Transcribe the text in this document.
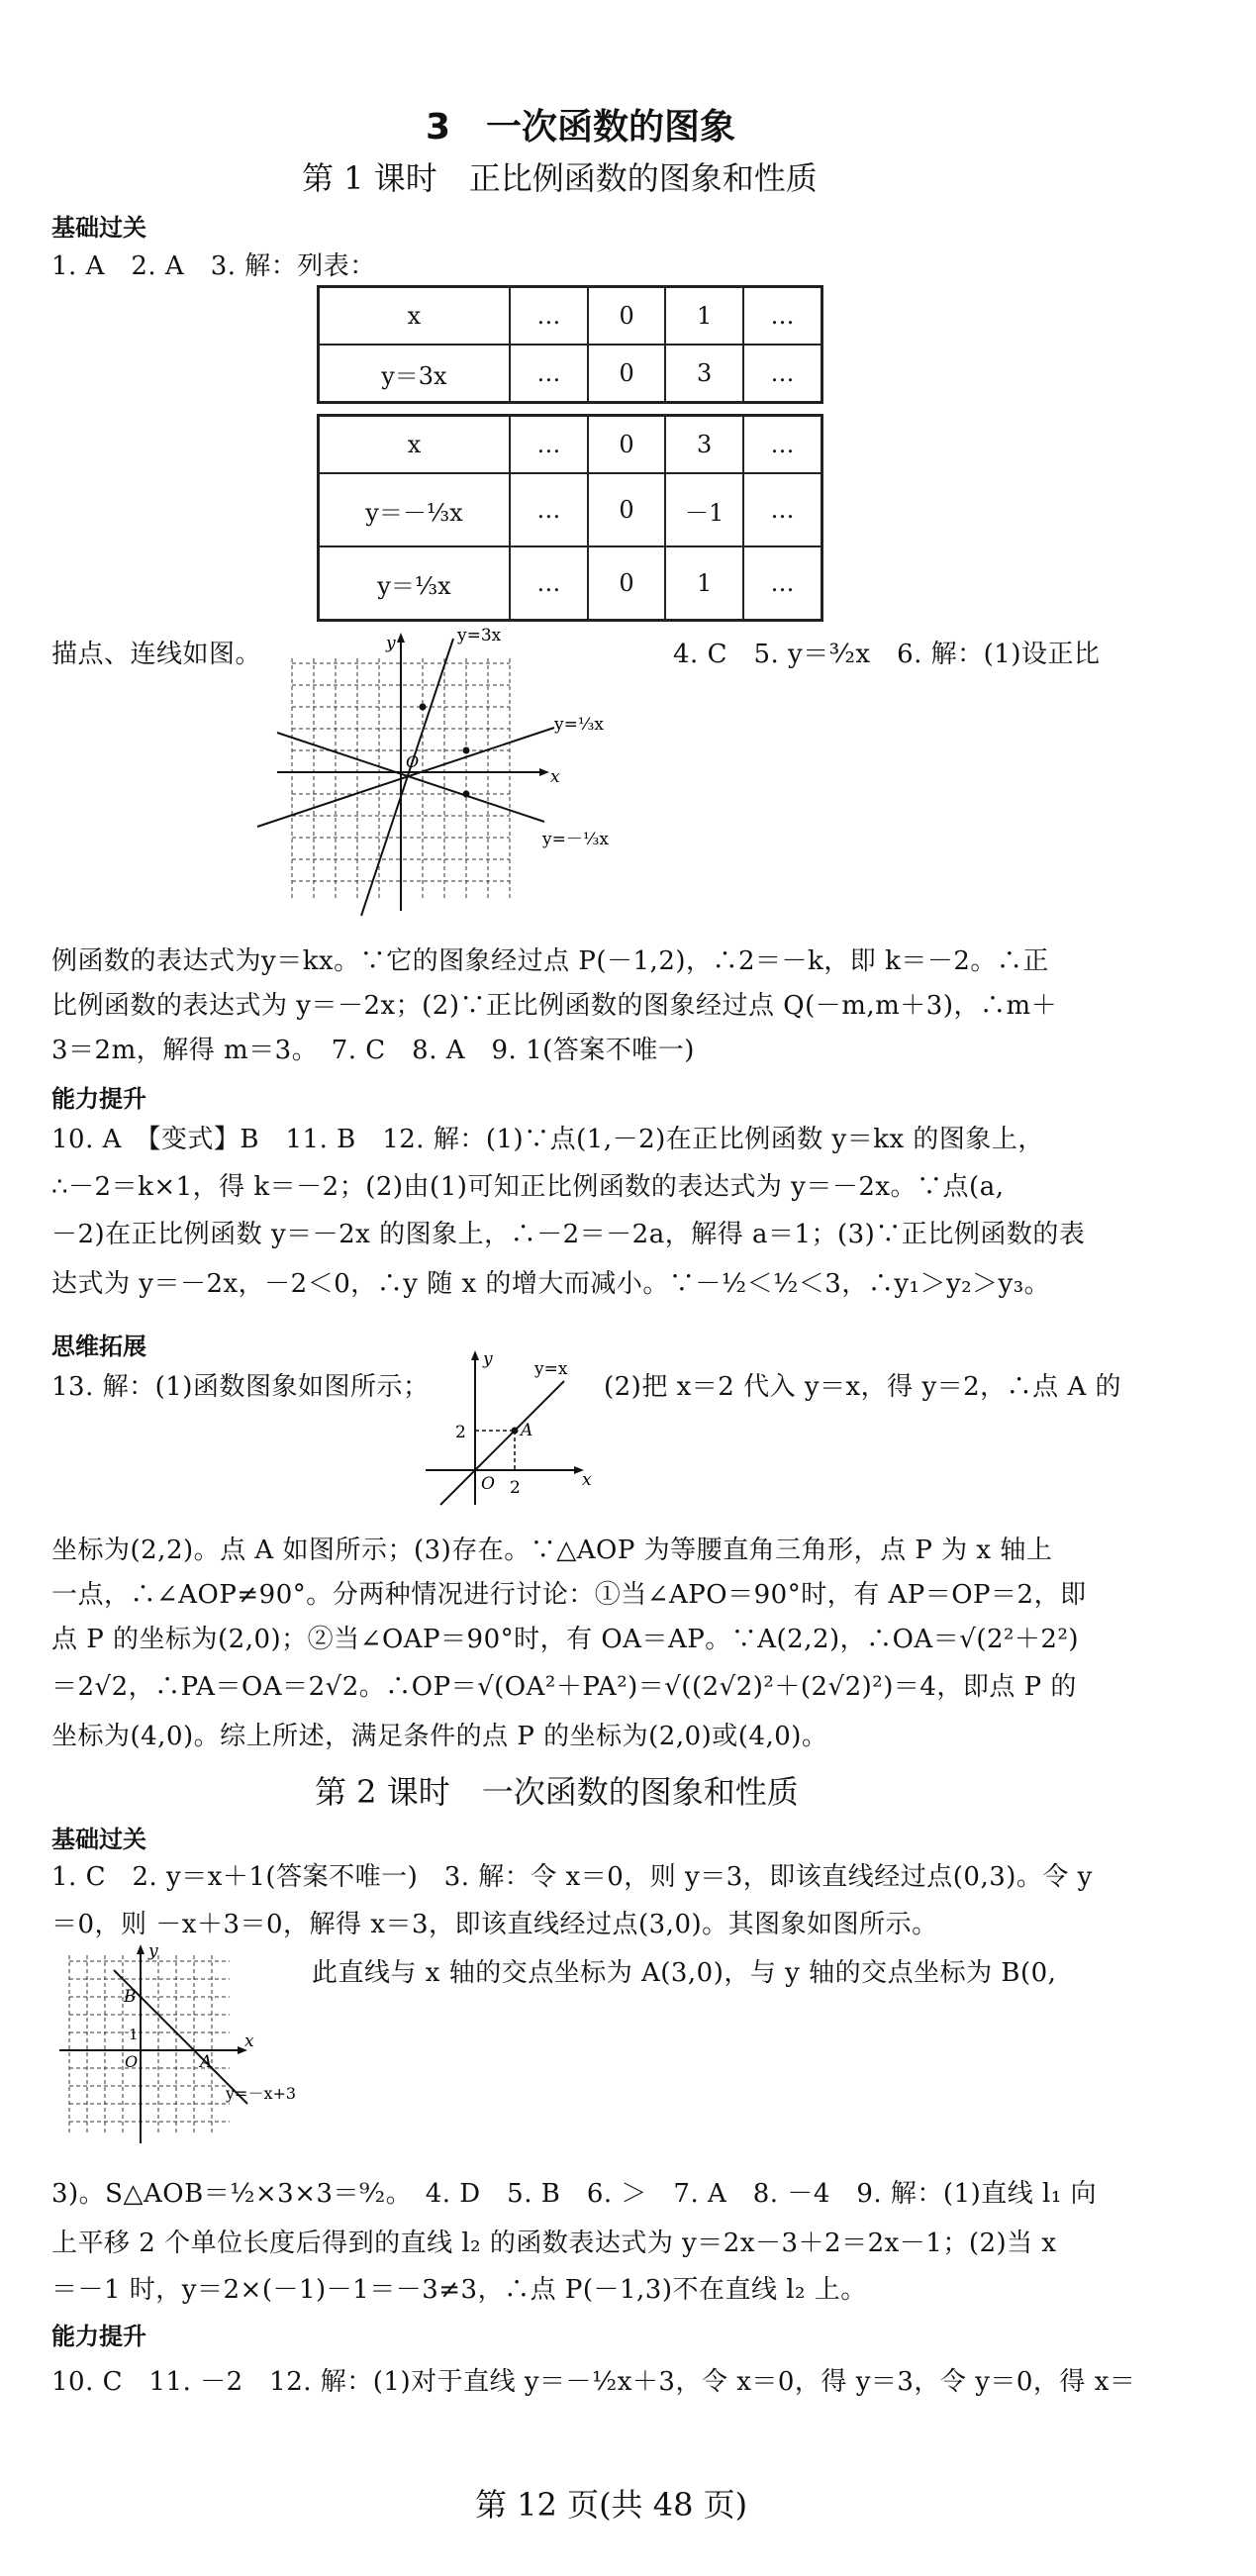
3　一次函数的图象
第 1 课时　正比例函数的图象和性质
基础过关
1. A　2. A　3. 解：列表：
x	…	0	1	…
y＝3x	…	0	3	…
x	…	0	3	…
y＝－⅓x	…	0	－1	…
y＝⅓x	…	0	1	…
描点、连线如图。	4. C　5. y＝³⁄₂x　6. 解：(1)设正比
y=3x
y=⅓x
y=－⅓x
x
y
O
例函数的表达式为y＝kx。∵它的图象经过点 P(－1,2)，∴2＝－k，即 k＝－2。∴正
比例函数的表达式为 y＝－2x；(2)∵正比例函数的图象经过点 Q(－m,m＋3)，∴m＋
3＝2m，解得 m＝3。　7. C　8. A　9. 1(答案不唯一)
能力提升
10. A　【变式】B　11. B　12. 解：(1)∵点(1,－2)在正比例函数 y＝kx 的图象上，
∴－2＝k×1，得 k＝－2；(2)由(1)可知正比例函数的表达式为 y＝－2x。∵点(a,
－2)在正比例函数 y＝－2x 的图象上，∴－2＝－2a，解得 a＝1；(3)∵正比例函数的表
达式为 y＝－2x，－2＜0，∴y 随 x 的增大而减小。∵－½＜½＜3，∴y₁＞y₂＞y₃。
思维拓展
13. 解：(1)函数图象如图所示；	(2)把 x＝2 代入 y＝x，得 y＝2，∴点 A 的
y=x
A
2
2
O	x
y
坐标为(2,2)。点 A 如图所示；(3)存在。∵△AOP 为等腰直角三角形，点 P 为 x 轴上
一点，∴∠AOP≠90°。分两种情况进行讨论：①当∠APO＝90°时，有 AP＝OP＝2，即
点 P 的坐标为(2,0)；②当∠OAP＝90°时，有 OA＝AP。∵A(2,2)，∴OA＝√(2²＋2²)
＝2√2，∴PA＝OA＝2√2。∴OP＝√(OA²＋PA²)＝√((2√2)²＋(2√2)²)＝4，即点 P 的
坐标为(4,0)。综上所述，满足条件的点 P 的坐标为(2,0)或(4,0)。
第 2 课时　一次函数的图象和性质
基础过关
1. C　2. y＝x＋1(答案不唯一)　3. 解：令 x＝0，则 y＝3，即该直线经过点(0,3)。令 y
＝0，则 －x＋3＝0，解得 x＝3，即该直线经过点(3,0)。其图象如图所示。
此直线与 x 轴的交点坐标为 A(3,0)，与 y 轴的交点坐标为 B(0,
B
A
1
O
x
y
y=－x+3
3)。S△AOB＝½×3×3＝⁹⁄₂。　4. D　5. B　6. ＞　7. A　8. －4　9. 解：(1)直线 l₁ 向
上平移 2 个单位长度后得到的直线 l₂ 的函数表达式为 y＝2x－3＋2＝2x－1；(2)当 x
＝－1 时，y＝2×(－1)－1＝－3≠3，∴点 P(－1,3)不在直线 l₂ 上。
能力提升
10. C　11. －2　12. 解：(1)对于直线 y＝－½x＋3，令 x＝0，得 y＝3，令 y＝0，得 x＝
第 12 页(共 48 页)
